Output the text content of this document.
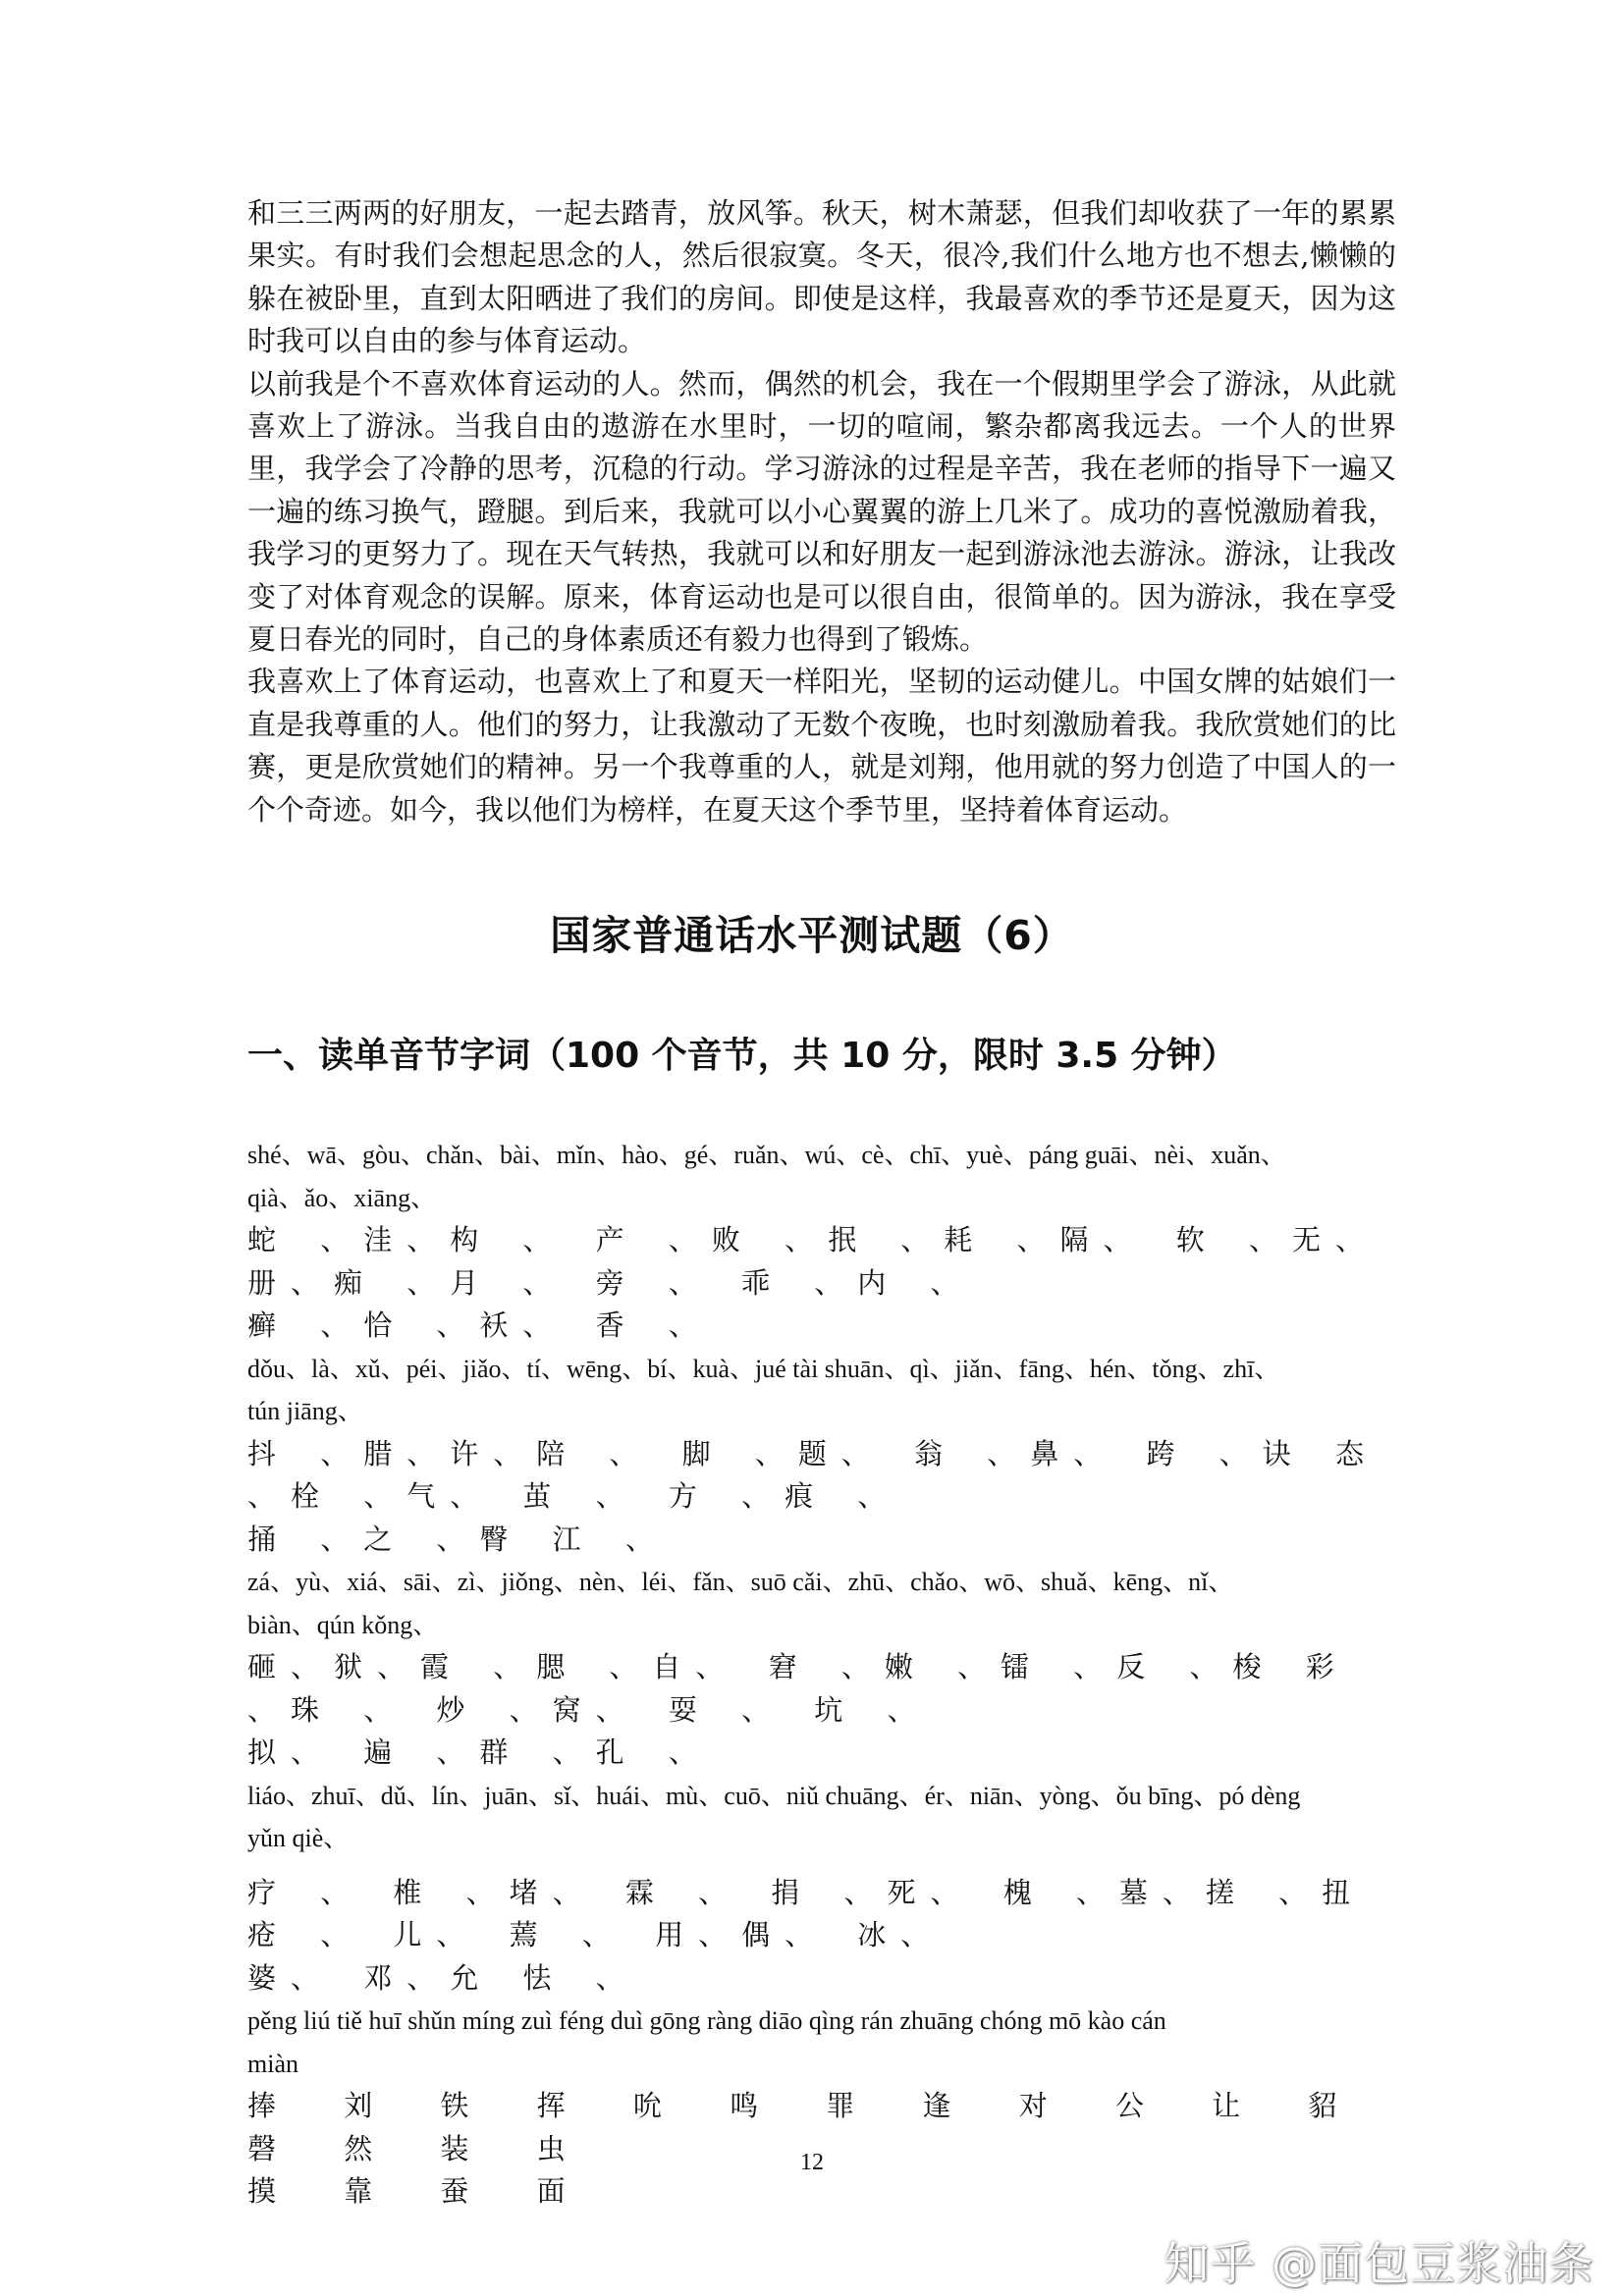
和三三两两的好朋友，一起去踏青，放风筝。秋天，树木萧瑟，但我们却收获了一年的累累果实。有时我们会想起思念的人，然后很寂寞。冬天，很冷,我们什么地方也不想去,懒懒的躲在被卧里，直到太阳晒进了我们的房间。即使是这样，我最喜欢的季节还是夏天，因为这时我可以自由的参与体育运动。

以前我是个不喜欢体育运动的人。然而，偶然的机会，我在一个假期里学会了游泳，从此就喜欢上了游泳。当我自由的遨游在水里时，一切的喧闹，繁杂都离我远去。一个人的世界里，我学会了冷静的思考，沉稳的行动。学习游泳的过程是辛苦，我在老师的指导下一遍又一遍的练习换气，蹬腿。到后来，我就可以小心翼翼的游上几米了。成功的喜悦激励着我，我学习的更努力了。现在天气转热，我就可以和好朋友一起到游泳池去游泳。游泳，让我改变了对体育观念的误解。原来，体育运动也是可以很自由，很简单的。因为游泳，我在享受夏日春光的同时，自己的身体素质还有毅力也得到了锻炼。

我喜欢上了体育运动，也喜欢上了和夏天一样阳光，坚韧的运动健儿。中国女牌的姑娘们一直是我尊重的人。他们的努力，让我激动了无数个夜晚，也时刻激励着我。我欣赏她们的比赛，更是欣赏她们的精神。另一个我尊重的人，就是刘翔，他用就的努力创造了中国人的一个个奇迹。如今，我以他们为榜样，在夏天这个季节里，坚持着体育运动。

国家普通话水平测试题（6）
一、读单音节字词（100 个音节，共 10 分，限时 3.5 分钟）

shé、wā、gòu、chǎn、bài、mǐn、hào、gé、ruǎn、wú、cè、chī、yuè、páng guāi、nèi、xuǎn、

qià、ǎo、xiāng、

蛇 、洼、构 、 产 、败 、抿 、耗 、隔、 软 、无、册、痴 、月 、 旁 、 乖 、内 、

癣 、恰 、袄、 香 、

dǒu、là、xǔ、péi、jiǎo、tí、wēng、bí、kuà、jué tài shuān、qì、jiǎn、fāng、hén、tǒng、zhī、

tún jiāng、

抖 、腊、许、陪 、 脚 、题、 翁 、鼻、 跨 、诀 态 、栓 、气、 茧 、 方 、痕 、

捅 、之 、臀 江 、

zá、yù、xiá、sāi、zì、jiǒng、nèn、léi、fǎn、suō cǎi、zhū、chǎo、wō、shuǎ、kēng、nǐ、

biàn、qún kǒng、

砸、狱、霞 、腮 、自、 窘 、嫩 、镭 、反 、梭 彩 、珠 、 炒 、窝、 耍 、 坑 、

拟、 遍 、群 、孔 、

liáo、zhuī、dǔ、lín、juān、sǐ、huái、mù、cuō、niǔ chuāng、ér、niān、yòng、ǒu bīng、pó dèng

yǔn qiè、

疗 、 椎 、堵、 霖 、 捐 、死、 槐 、墓、搓 、扭 疮 、 儿、 蔫 、 用、偶、 冰、

婆、 邓、允 怯 、

pěng liú tiě huī shǔn míng zuì féng duì gōng ràng diāo qìng rán zhuāng chóng mō kào cán

miàn

捧 刘 铁 挥 吮 鸣 罪 逢 对 公 让 貂 磬 然 装 虫

摸 靠 蚕 面

12

知乎 @面包豆浆油条
